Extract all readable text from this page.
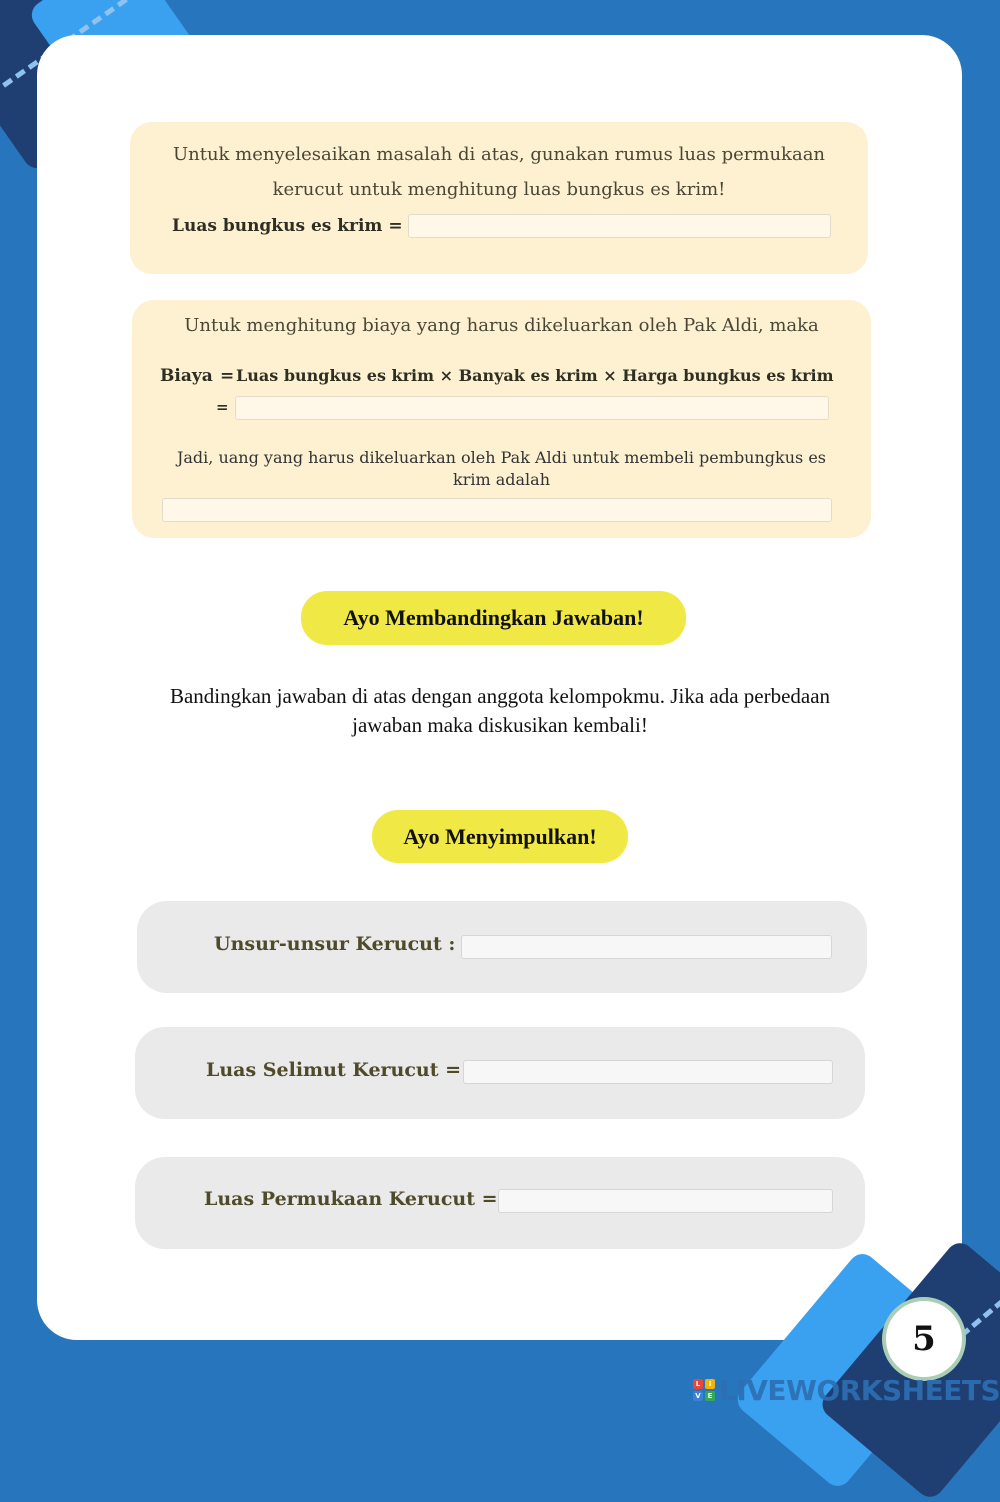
Untuk menyelesaikan masalah di atas, gunakan rumus luas permukaan
kerucut untuk menghitung luas bungkus es krim!
Luas bungkus es krim =
Untuk menghitung biaya yang harus dikeluarkan oleh Pak Aldi, maka
Biaya = Luas bungkus es krim × Banyak es krim × Harga bungkus es krim
=
Jadi, uang yang harus dikeluarkan oleh Pak Aldi untuk membeli pembungkus es
krim adalah
Ayo Membandingkan Jawaban!
Bandingkan jawaban di atas dengan anggota kelompokmu. Jika ada perbedaan
jawaban maka diskusikan kembali!
Ayo Menyimpulkan!
Unsur-unsur Kerucut :
Luas Selimut Kerucut =
Luas Permukaan Kerucut =
5
L	I
V E LIVEWORKSHEETS
